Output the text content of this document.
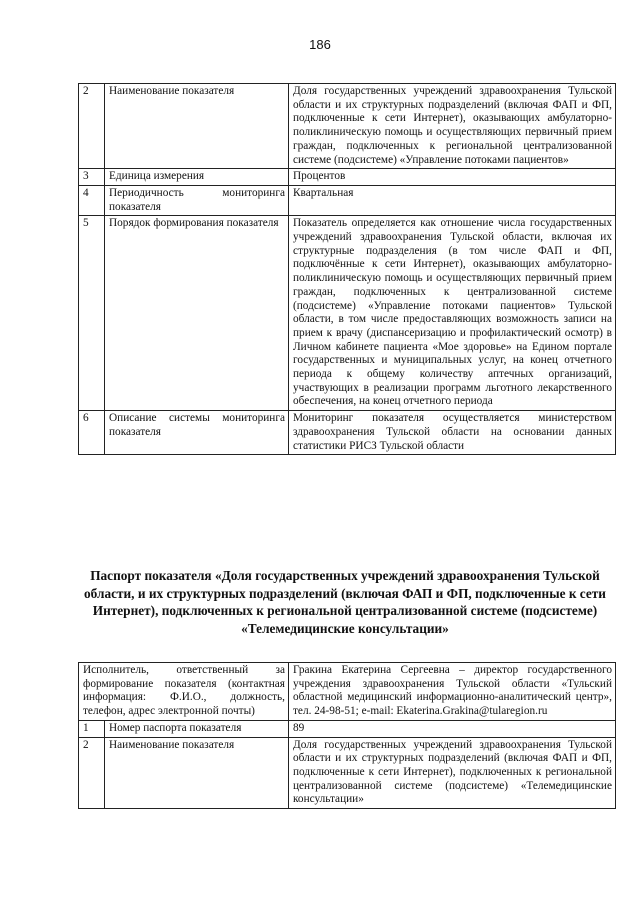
186
2	Наименование показателя	Доля государственных учреждений здравоохранения Тульской области и их структурных подразделений (включая ФАП и ФП, подключенные к сети Интернет), оказывающих амбулаторно-поликлиническую помощь и осуществляющих первичный прием граждан, подключенных к региональной централизованной системе (подсистеме) «Управление потоками пациентов»
3	Единица измерения	Процентов
4	Периодичность мониторинга показателя	Квартальная
5	Порядок формирования показателя	Показатель определяется как отношение числа государственных учреждений здравоохранения Тульской области, включая их структурные подразделения (в том числе ФАП и ФП, подключённые к сети Интернет), оказывающих амбулаторно-поликлиническую помощь и осуществляющих первичный прием граждан, подключенных к централизованной системе (подсистеме) «Управление потоками пациентов» Тульской области, в том числе предоставляющих возможность записи на прием к врачу (диспансеризацию и профилактический осмотр) в Личном кабинете пациента «Мое здоровье» на Едином портале государственных и муниципальных услуг, на конец отчетного периода к общему количеству аптечных организаций, участвующих в реализации программ льготного лекарственного обеспечения, на конец отчетного периода
6	Описание системы мониторинга показателя	Мониторинг показателя осуществляется министерством здравоохранения Тульской области на основании данных статистики РИСЗ Тульской области
Паспорт показателя «Доля государственных учреждений здравоохранения Тульской области, и их структурных подразделений (включая ФАП и ФП, подключенные к сети Интернет), подключенных к региональной централизованной системе (подсистеме) «Телемедицинские консультации»
Исполнитель, ответственный за формирование показателя (контактная информация: Ф.И.О., должность, телефон, адрес электронной почты)		Гракина Екатерина Сергеевна – директор государственного учреждения здравоохранения Тульской области «Тульский областной медицинский информационно-аналитический центр», тел. 24-98-51; e-mail: Ekaterina.Grakina@tularegion.ru
1	Номер паспорта показателя	89
2	Наименование показателя	Доля государственных учреждений здравоохранения Тульской области и их структурных подразделений (включая ФАП и ФП, подключенные к сети Интернет), подключенных к региональной централизованной системе (подсистеме) «Телемедицинские консультации»
